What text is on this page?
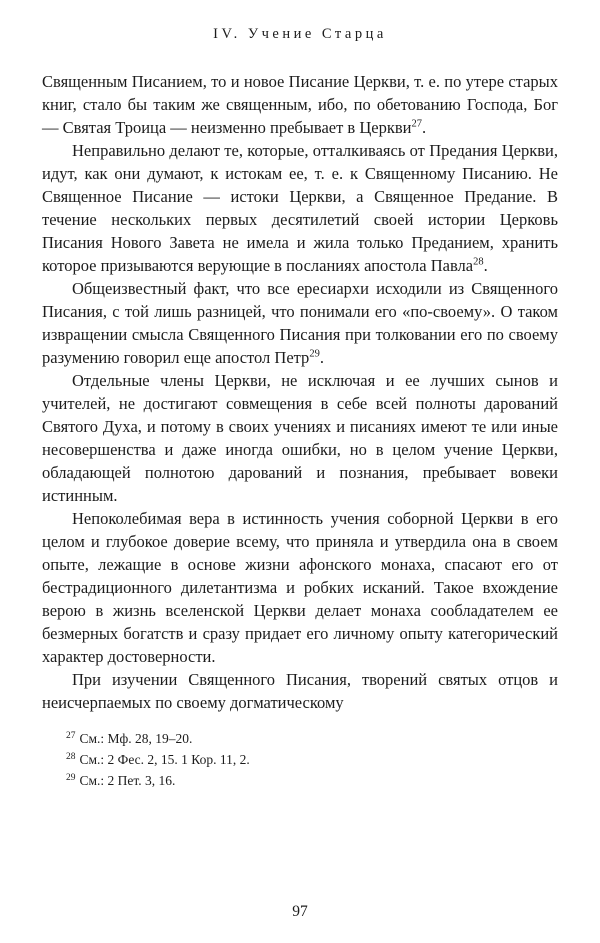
IV. Учение Старца

Священным Писанием, то и новое Писание Церкви, т. е. по утере старых книг, стало бы таким же священным, ибо, по обетованию Господа, Бог — Святая Троица — неизменно пребывает в Церкви$^{27}$.

Неправильно делают те, которые, отталкиваясь от Предания Церкви, идут, как они думают, к истокам ее, т. е. к Священному Писанию. Не Священное Писание — истоки Церкви, а Священное Предание. В течение нескольких первых десятилетий своей истории Церковь Писания Нового Завета не имела и жила только Преданием, хранить которое призываются верующие в посланиях апостола Павла$^{28}$.

Общеизвестный факт, что все ересиархи исходили из Священного Писания, с той лишь разницей, что понимали его «по-своему». О таком извращении смысла Священного Писания при толковании его по своему разумению говорил еще апостол Петр$^{29}$.

Отдельные члены Церкви, не исключая и ее лучших сынов и учителей, не достигают совмещения в себе всей полноты дарований Святого Духа, и потому в своих учениях и писаниях имеют те или иные несовершенства и даже иногда ошибки, но в целом учение Церкви, обладающей полнотою дарований и познания, пребывает вовеки истинным.

Непоколебимая вера в истинность учения соборной Церкви в его целом и глубокое доверие всему, что приняла и утвердила она в своем опыте, лежащие в основе жизни афонского монаха, спасают его от бестрадиционного дилетантизма и робких исканий. Такое вхождение верою в жизнь вселенской Церкви делает монаха сообладателем ее безмерных богатств и сразу придает его личному опыту категорический характер достоверности.

При изучении Священного Писания, творений святых отцов и неисчерпаемых по своему догматическому

$^{27}$ См.: Мф. 28, 19–20.
$^{28}$ См.: 2 Фес. 2, 15. 1 Кор. 11, 2.
$^{29}$ См.: 2 Пет. 3, 16.
97
